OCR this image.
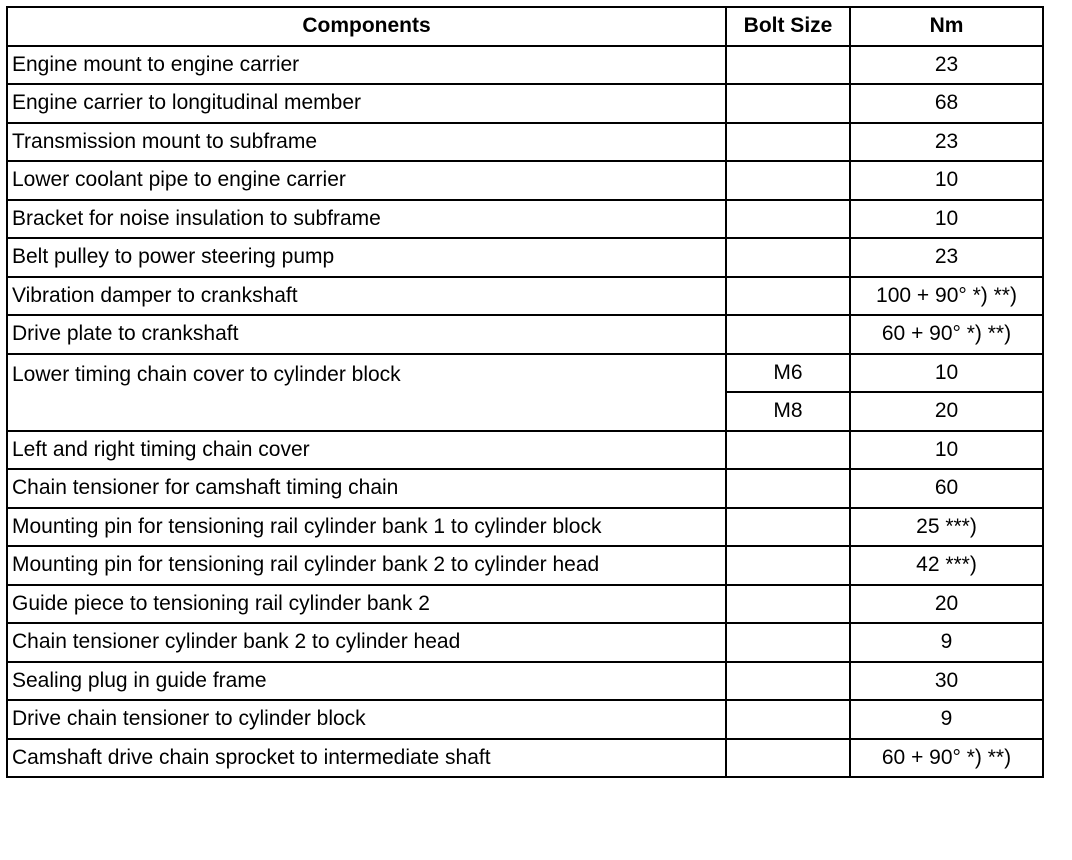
Components	Bolt Size	Nm
Engine mount to engine carrier		23
Engine carrier to longitudinal member		68
Transmission mount to subframe		23
Lower coolant pipe to engine carrier		10
Bracket for noise insulation to subframe		10
Belt pulley to power steering pump		23
Vibration damper to crankshaft		100 + 90° *) **)
Drive plate to crankshaft		60 + 90° *) **)
Lower timing chain cover to cylinder block	M6	10
	M8	20
Left and right timing chain cover		10
Chain tensioner for camshaft timing chain		60
Mounting pin for tensioning rail cylinder bank 1 to cylinder block		25 ***)
Mounting pin for tensioning rail cylinder bank 2 to cylinder head		42 ***)
Guide piece to tensioning rail cylinder bank 2		20
Chain tensioner cylinder bank 2 to cylinder head		9
Sealing plug in guide frame		30
Drive chain tensioner to cylinder block		9
Camshaft drive chain sprocket to intermediate shaft		60 + 90° *) **)
